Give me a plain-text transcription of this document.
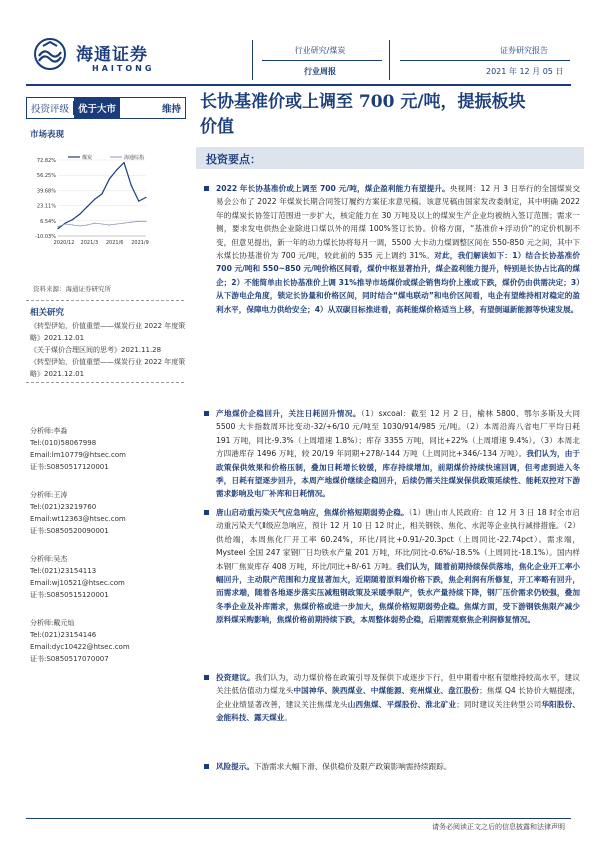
海通证券
HAITONG
行业研究/煤炭
行业周报
证券研究报告
2021 年 12 月 05 日
投资评级 优于大市	维持
市场表现
72.82%
56.25%
39.68%
23.11%
6.54%
-10.03%
2020/12 2021/3 2021/6 2021/9
煤炭	海通综指
资料来源：海通证券研究所
相关研究
《转型伊始，价值重塑——煤炭行业 2022 年度策略》2021.12.01
《关于煤价合理区间的思考》2021.11.28
《转型伊始，价值重塑——煤炭行业 2022 年度策略》2021.12.01
分析师:李淼
Tel:(010)58067998
Email:lm10779@htsec.com
证书:S0850517120001
分析师:王涛
Tel:(021)23219760
Email:wt12363@htsec.com
证书:S0850520090001
分析师:吴杰
Tel:(021)23154113
Email:wj10521@htsec.com
证书:S0850515120001
分析师:戴元灿
Tel:(021)23154146
Email:dyc10422@htsec.com
证书:S0850517070007
长协基准价或上调至 700 元/吨，提振板块
价值
投资要点：
2022 年长协基准价或上调至 700 元/吨，煤企盈利能力有望提升。央视网：12 月 3 日举行的全国煤炭交易会公布了 2022 年煤炭长期合同签订履约方案征求意见稿。该意见稿由国家发改委制定，其中明确 2022 年的煤炭长协签订范围进一步扩大，核定能力在 30 万吨及以上的煤炭生产企业均被纳入签订范围；需求一侧，要求发电供热企业除进口煤以外的用煤 100%签订长协。价格方面，“基准价+浮动价”的定价机制不变，但意见提出，新一年的动力煤长协将每月一调，5500 大卡动力煤调整区间在 550-850 元之间，其中下水煤长协基准价为 700 元/吨，较此前的 535 元上调约 31%。对此，我们解读如下：1）结合长协基准价 700 元/吨和 550~850 元/吨价格区间看，煤价中枢显著抬升，煤企盈利能力提升，特别是长协占比高的煤企；2）不能简单由长协基准价上调 31%推导市场煤价或煤企销售均价上涨或下跌，煤价仍由供需决定；3）从下游电企角度，锁定长协量和价格区间，同时结合“煤电联动”和电价区间看，电企有望维持相对稳定的盈利水平，保障电力供给安全；4）从双碳目标推进看，高耗能煤价格适当上移，有望倒逼新能源等快速发展。
产地煤价企稳回升，关注日耗回升情况。（1）sxcoal：截至 12 月 2 日，榆林 5800、鄂尔多斯及大同 5500 大卡指数周环比变动-32/+6/10 元/吨至 1030/914/985 元/吨。（2）本周沿海八省电厂平均日耗 191 万吨，同比-9.3%（上周增速 1.8%）；库存 3355 万吨，同比+22%（上周增速 9.4%）。（3）本周北方四港库存 1496 万吨，较 20/19 年同期+278/-144 万吨（上周同比+346/-134 万吨）。我们认为，由于政策保供效果和价格压制，叠加日耗增长较缓，库存持续增加，前期煤价持续快速回调，但考虑到进入冬季，日耗有望逐步回升，本周产地煤价继续企稳回升，后续仍需关注煤炭保供政策延续性、能耗双控对下游需求影响及电厂补库和日耗情况。
唐山启动重污染天气应急响应，焦煤价格短期弱势企稳。（1）唐山市人民政府：自 12 月 3 日 18 时全市启动重污染天气Ⅱ级应急响应，预计 12 月 10 日 12 时止，相关钢铁、焦化、水泥等企业执行减排措施。（2）供给端，本周焦化厂开工率 60.24%，环比/同比+0.91/-20.3pct（上周同比-22.74pct）。需求端，Mysteel 全国 247 家钢厂日均铁水产量 201 万吨，环比/同比-0.6%/-18.5%（上周同比-18.1%）。国内样本钢厂焦炭库存 408 万吨，环比/同比+8/-61 万吨。我们认为，随着前期持续保供落地，焦化企业开工率小幅回升，主动限产范围和力度显著加大，近期随着原料端价格下跌，焦企利润有所修复，开工率略有回升，而需求端，随着各地逐步落实压减粗钢政策及采暖季限产，铁水产量持续下降，钢厂压价需求仍较强，叠加冬季企业及补库需求，焦煤价格或进一步加大，焦煤价格短期弱势企稳。焦煤方面，受下游钢铁焦限产减少原料煤采购影响，焦煤价格前期持续下跌，本周整体弱势企稳，后期需观察焦企利润修复情况。
投资建议。我们认为，动力煤价格在政策引导及保供下或逐步下行，但中期看中枢有望维持较高水平，建议关注低估值动力煤龙头中国神华、陕西煤业、中煤能源、兖州煤业、盘江股份；焦煤 Q4 长协价大幅提涨，企业业绩显著改善，建议关注焦煤龙头山西焦煤、平煤股份、淮北矿业；同时建议关注转型公司华阳股份、金能科技、露天煤业。
风险提示。下游需求大幅下滑、保供稳价及限产政策影响需持续跟踪。
请务必阅读正文之后的信息披露和法律声明
